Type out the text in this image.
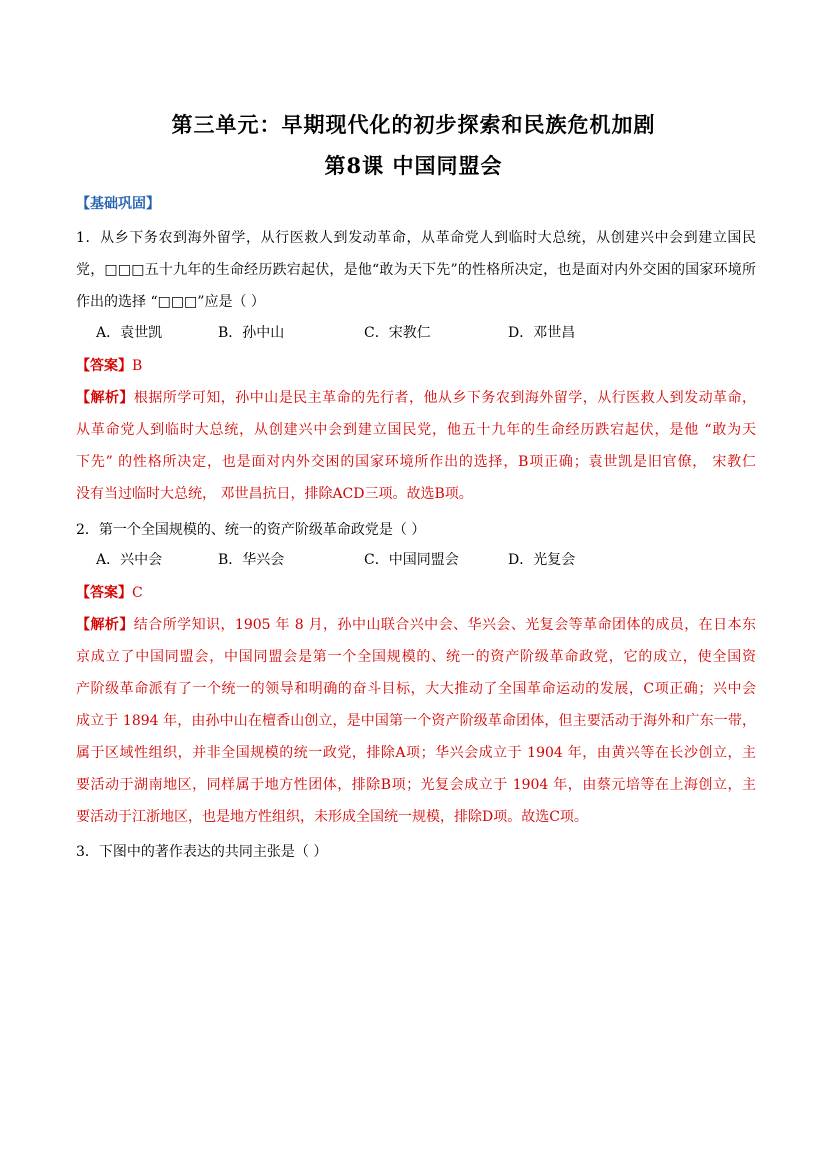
第三单元：早期现代化的初步探索和民族危机加剧
第8课 中国同盟会
【基础巩固】
1．从乡下务农到海外留学，从行医救人到发动革命，从革命党人到临时大总统，从创建兴中会到建立国民
党，□□□五十九年的生命经历跌宕起伏，是他“敢为天下先”的性格所决定，也是面对内外交困的国家环境所
作出的选择 “□□□”应是（ ）
A．袁世凯	B．孙中山	C．宋教仁	D．邓世昌
【答案】B
【解析】根据所学可知，孙中山是民主革命的先行者，他从乡下务农到海外留学，从行医救人到发动革命，
从革命党人到临时大总统，从创建兴中会到建立国民党，他五十九年的生命经历跌宕起伏，是他 “敢为天
下先” 的性格所决定，也是面对内外交困的国家环境所作出的选择，B项正确；袁世凯是旧官僚， 宋教仁
没有当过临时大总统， 邓世昌抗日，排除ACD三项。故选B项。
2．第一个全国规模的、统一的资产阶级革命政党是（ ）
A．兴中会	B．华兴会	C．中国同盟会	D．光复会
【答案】C
【解析】结合所学知识，1905 年 8 月，孙中山联合兴中会、华兴会、光复会等革命团体的成员，在日本东
京成立了中国同盟会，中国同盟会是第一个全国规模的、统一的资产阶级革命政党，它的成立，使全国资
产阶级革命派有了一个统一的领导和明确的奋斗目标，大大推动了全国革命运动的发展，C项正确；兴中会
成立于 1894 年，由孙中山在檀香山创立，是中国第一个资产阶级革命团体，但主要活动于海外和广东一带，
属于区域性组织，并非全国规模的统一政党，排除A项；华兴会成立于 1904 年，由黄兴等在长沙创立，主
要活动于湖南地区，同样属于地方性团体，排除B项；光复会成立于 1904 年，由蔡元培等在上海创立，主
要活动于江浙地区，也是地方性组织，未形成全国统一规模，排除D项。故选C项。
3．下图中的著作表达的共同主张是（ ）
